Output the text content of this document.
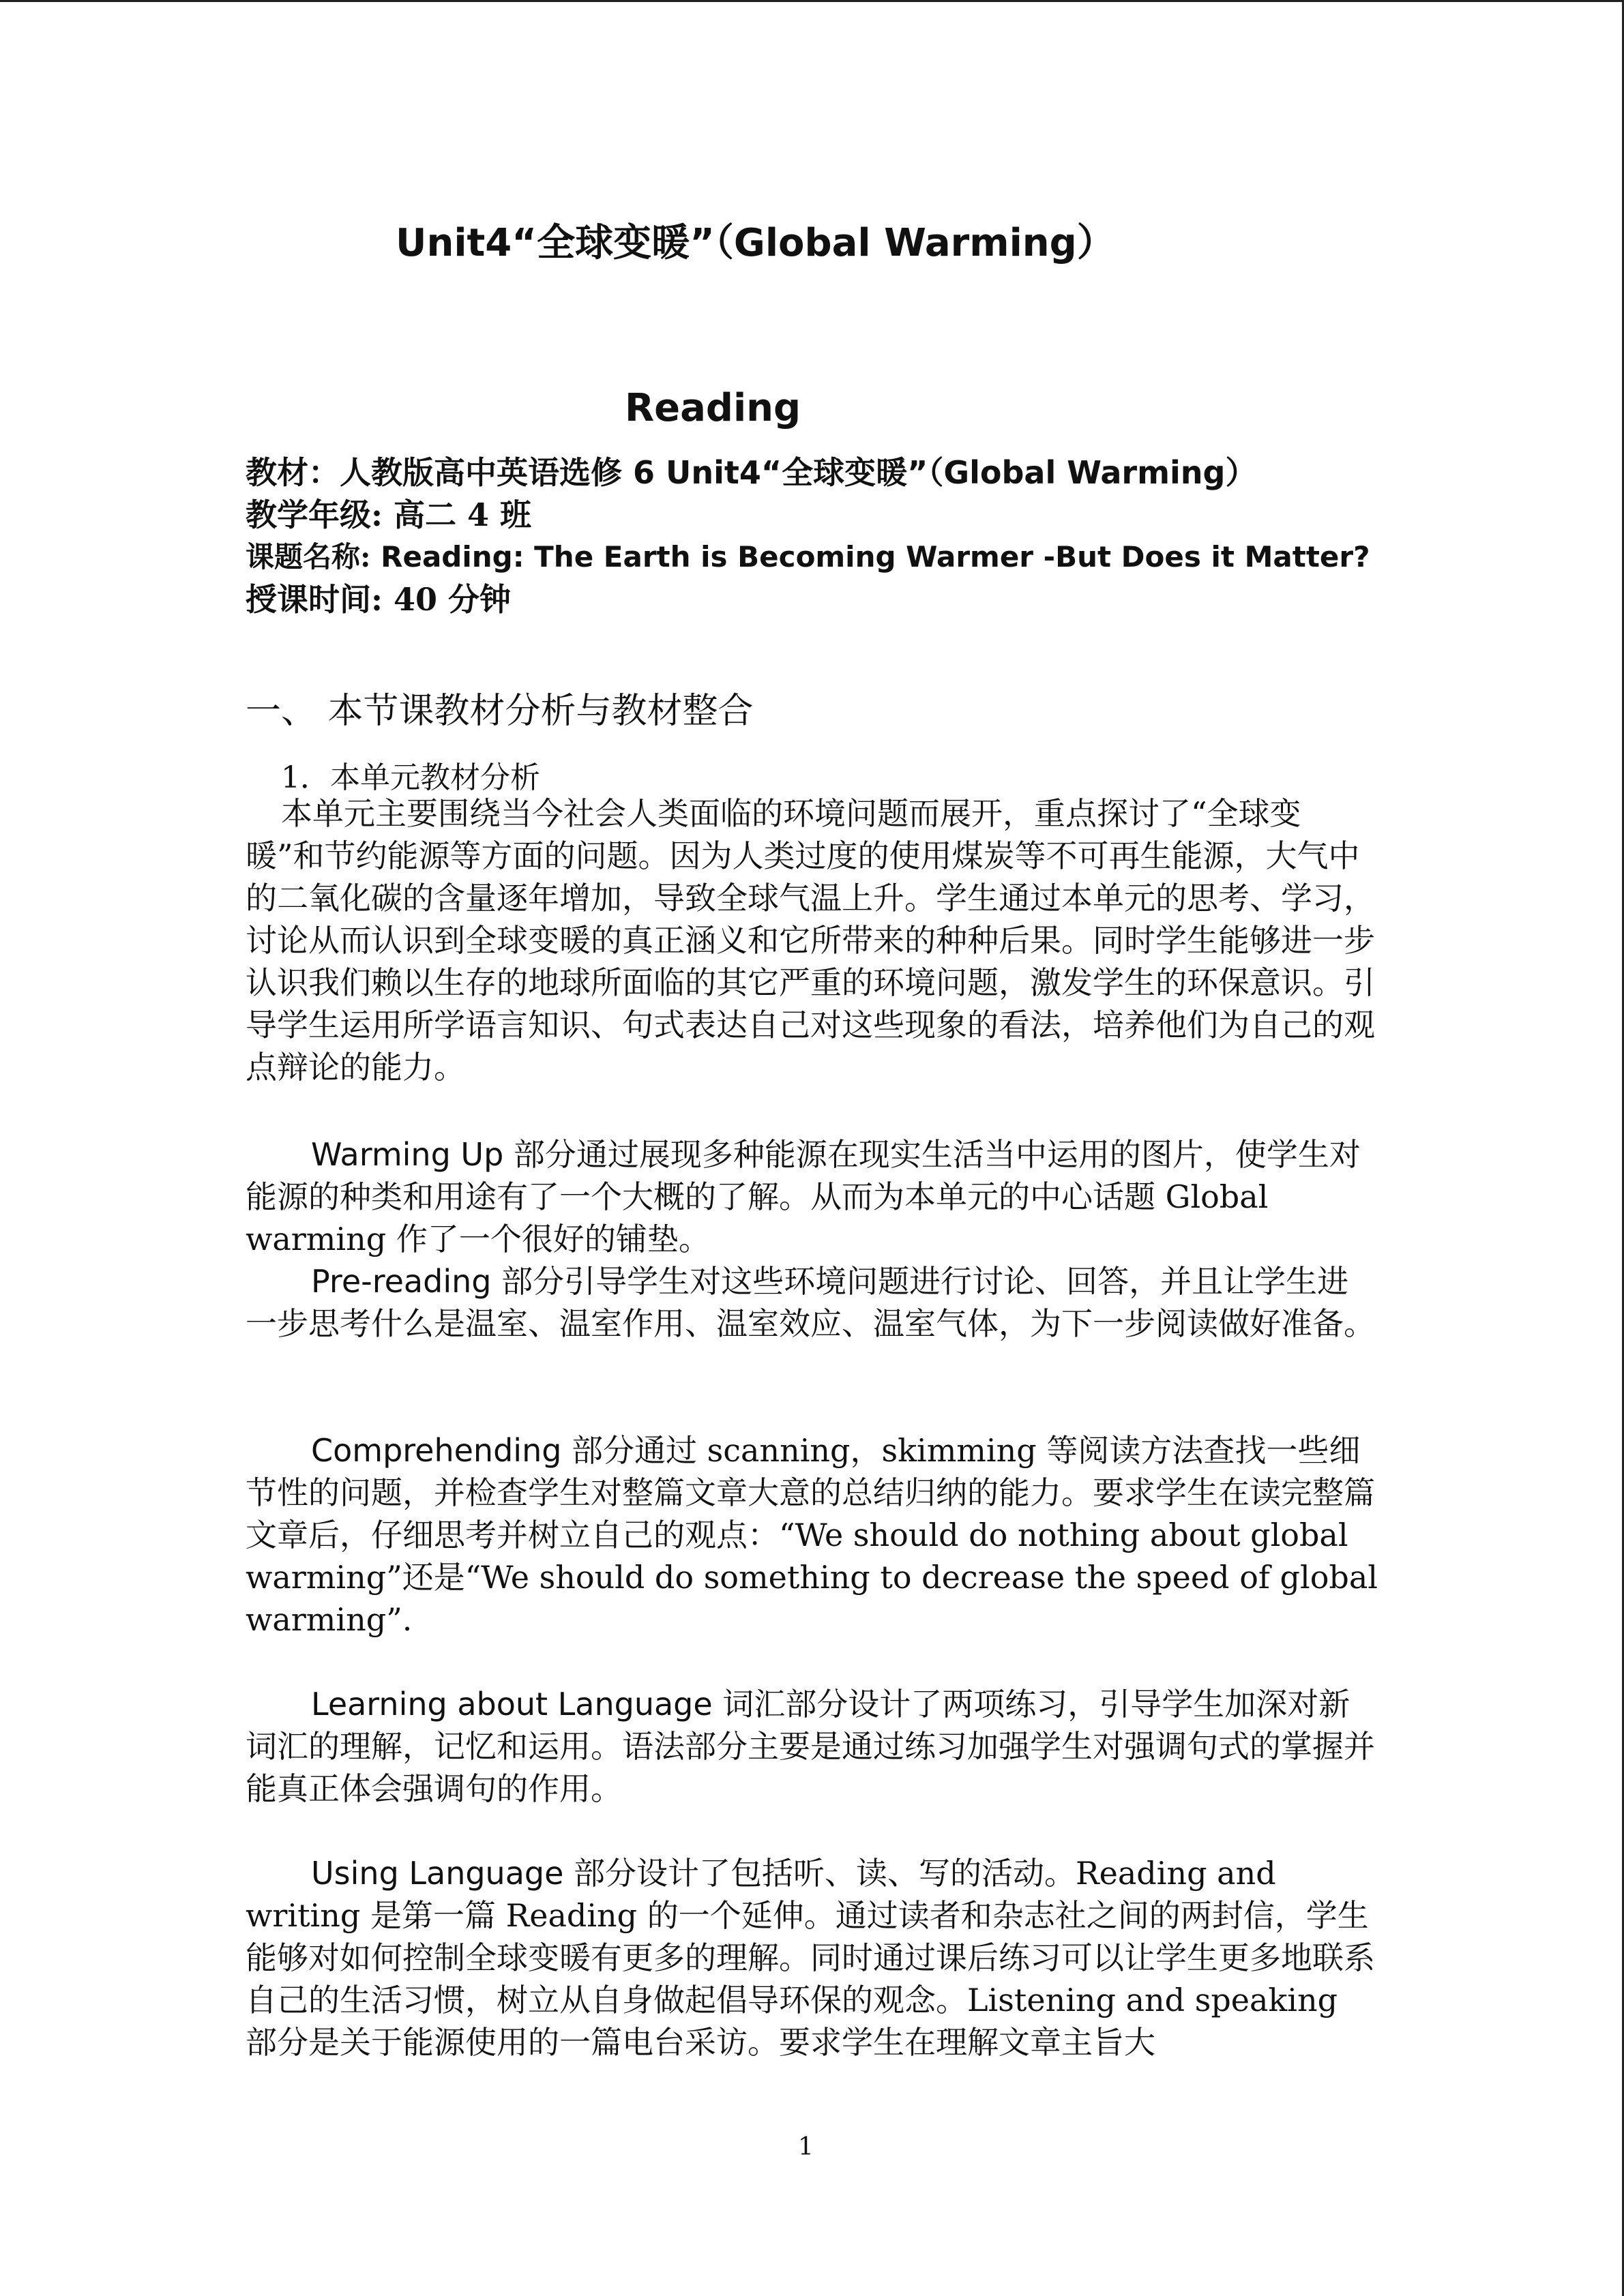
Unit4“全球变暖”（Global Warming）
Reading
教材：人教版高中英语选修 6 Unit4“全球变暖”（Global Warming）
教学年级: 高二 4 班
课题名称: Reading: The Earth is Becoming Warmer -But Does it Matter?
授课时间: 40 分钟
一、 本节课教材分析与教材整合
1．本单元教材分析

本单元主要围绕当今社会人类面临的环境问题而展开，重点探讨了“全球变暖”和节约能源等方面的问题。因为人类过度的使用煤炭等不可再生能源，大气中的二氧化碳的含量逐年增加，导致全球气温上升。学生通过本单元的思考、学习，讨论从而认识到全球变暖的真正涵义和它所带来的种种后果。同时学生能够进一步认识我们赖以生存的地球所面临的其它严重的环境问题，激发学生的环保意识。引导学生运用所学语言知识、句式表达自己对这些现象的看法，培养他们为自己的观点辩论的能力。

Warming Up 部分通过展现多种能源在现实生活当中运用的图片，使学生对能源的种类和用途有了一个大概的了解。从而为本单元的中心话题 Global warming 作了一个很好的铺垫。

Pre-reading 部分引导学生对这些环境问题进行讨论、回答，并且让学生进一步思考什么是温室、温室作用、温室效应、温室气体，为下一步阅读做好准备。

Comprehending 部分通过 scanning，skimming 等阅读方法查找一些细节性的问题，并检查学生对整篇文章大意的总结归纳的能力。要求学生在读完整篇文章后，仔细思考并树立自己的观点：“We should do nothing about global warming”还是“We should do something to decrease the speed of global warming”.

Learning about Language 词汇部分设计了两项练习，引导学生加深对新词汇的理解，记忆和运用。语法部分主要是通过练习加强学生对强调句式的掌握并能真正体会强调句的作用。

Using Language 部分设计了包括听、读、写的活动。Reading and writing 是第一篇 Reading 的一个延伸。通过读者和杂志社之间的两封信，学生能够对如何控制全球变暖有更多的理解。同时通过课后练习可以让学生更多地联系自己的生活习惯，树立从自身做起倡导环保的观念。Listening and speaking 部分是关于能源使用的一篇电台采访。要求学生在理解文章主旨大

1
